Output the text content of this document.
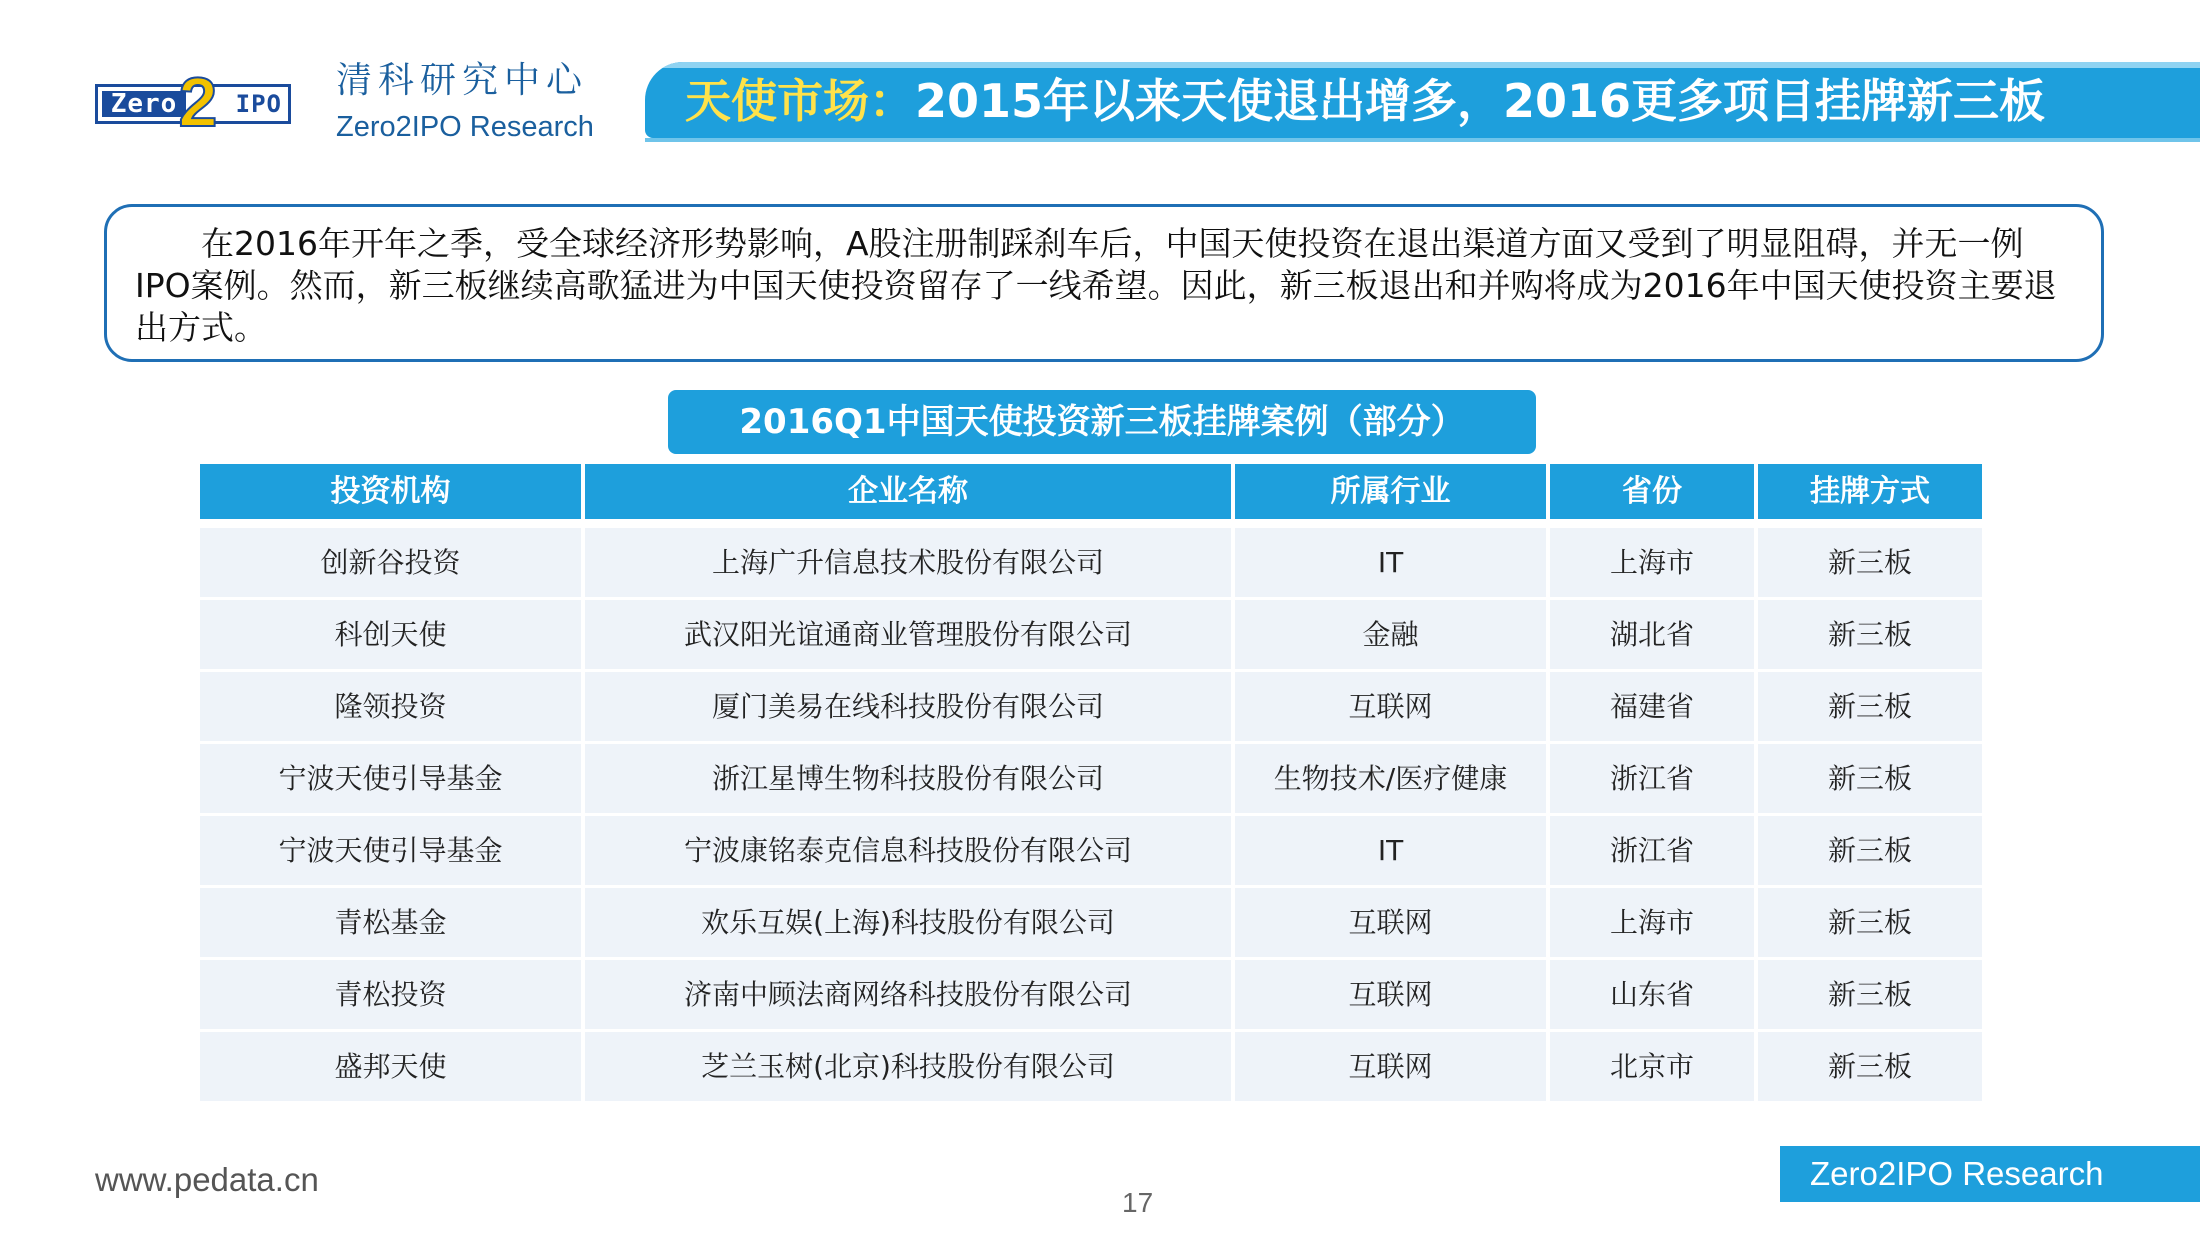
Zero	IPO
2	清科研究中心
Zero2IPO Research 天使市场：2015年以来天使退出增多，2016更多项目挂牌新三板
在2016年开年之季，受全球经济形势影响，A股注册制踩刹车后，中国天使投资在退出渠道方面又受到了明显阻碍，并无一例IPO案例。然而，新三板继续高歌猛进为中国天使投资留存了一线希望。因此，新三板退出和并购将成为2016年中国天使投资主要退出方式。
2016Q1中国天使投资新三板挂牌案例（部分）
投资机构	企业名称	所属行业	省份	挂牌方式
创新谷投资	上海广升信息技术股份有限公司	IT	上海市	新三板
科创天使	武汉阳光谊通商业管理股份有限公司	金融	湖北省	新三板
隆领投资	厦门美易在线科技股份有限公司	互联网	福建省	新三板
宁波天使引导基金	浙江星博生物科技股份有限公司	生物技术/医疗健康	浙江省	新三板
宁波天使引导基金	宁波康铭泰克信息科技股份有限公司	IT	浙江省	新三板
青松基金	欢乐互娱(上海)科技股份有限公司	互联网	上海市	新三板
青松投资	济南中顾法商网络科技股份有限公司	互联网	山东省	新三板
盛邦天使	芝兰玉树(北京)科技股份有限公司	互联网	北京市	新三板
www.pedata.cn
17
Zero2IPO Research
